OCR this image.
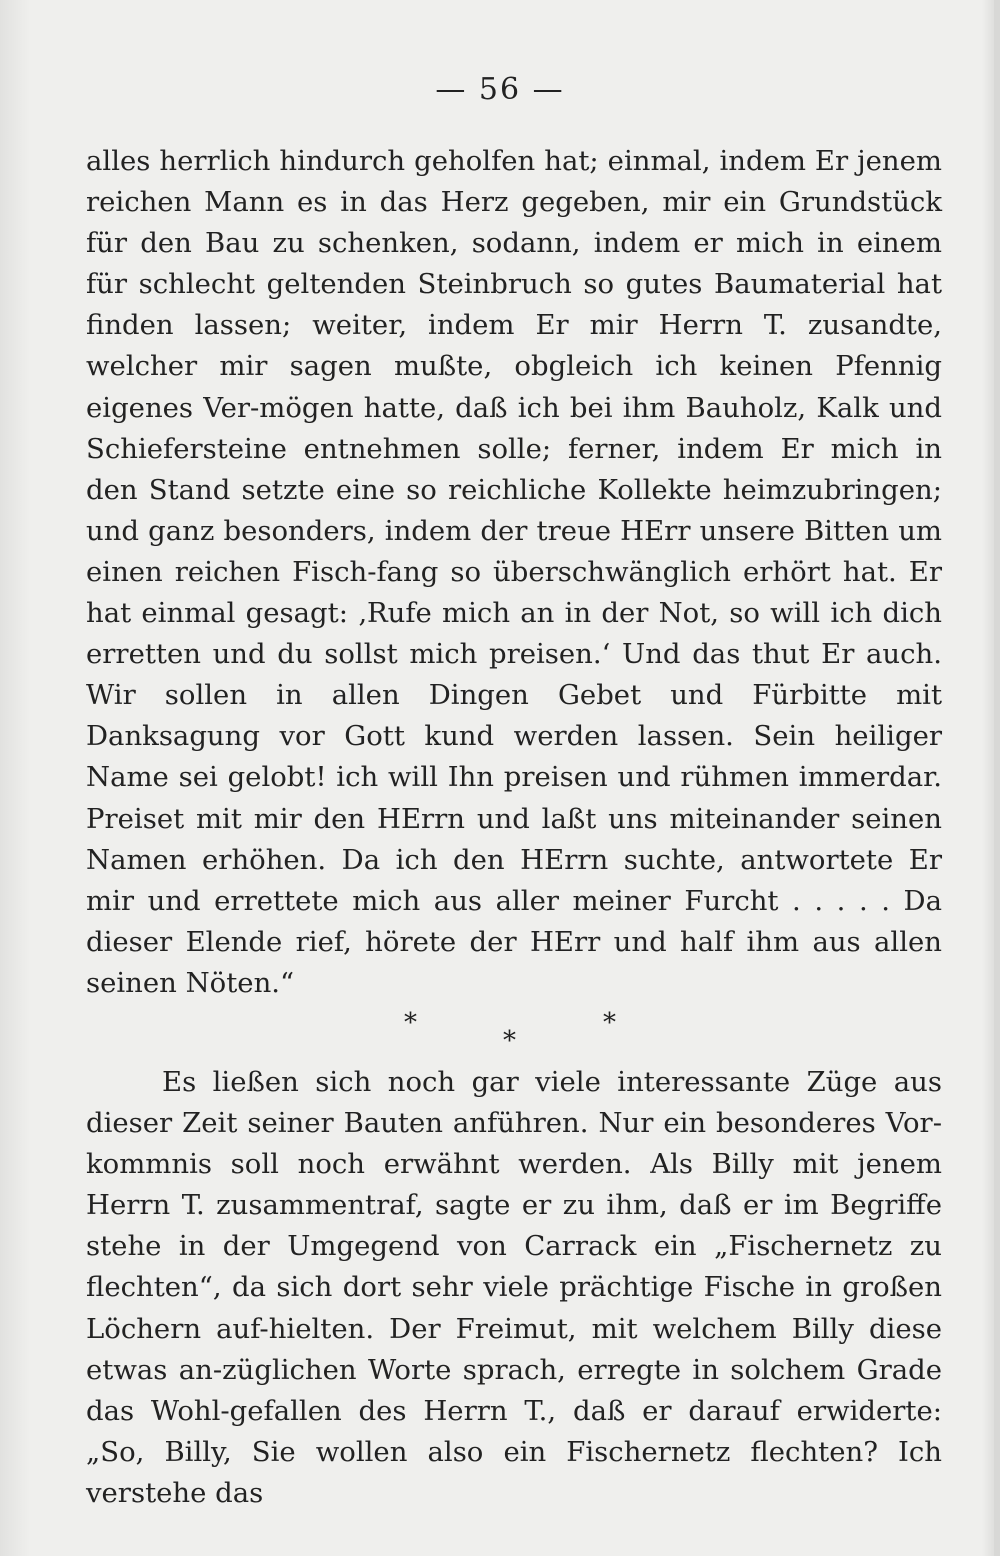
— 56 —

alles herrlich hindurch geholfen hat; einmal, indem Er jenem reichen Mann es in das Herz gegeben, mir ein Grundstück für den Bau zu schenken, sodann, indem er mich in einem für schlecht geltenden Steinbruch so gutes Baumaterial hat finden lassen; weiter, indem Er mir Herrn T. zusandte, welcher mir sagen mußte, obgleich ich keinen Pfennig eigenes Ver-mögen hatte, daß ich bei ihm Bauholz, Kalk und Schiefersteine entnehmen solle; ferner, indem Er mich in den Stand setzte eine so reichliche Kollekte heimzubringen; und ganz besonders, indem der treue HErr unsere Bitten um einen reichen Fisch-fang so überschwänglich erhört hat. Er hat einmal gesagt: ‚Rufe mich an in der Not, so will ich dich erretten und du sollst mich preisen.‘ Und das thut Er auch. Wir sollen in allen Dingen Gebet und Fürbitte mit Danksagung vor Gott kund werden lassen. Sein heiliger Name sei gelobt! ich will Ihn preisen und rühmen immerdar. Preiset mit mir den HErrn und laßt uns miteinander seinen Namen erhöhen. Da ich den HErrn suchte, antwortete Er mir und errettete mich aus aller meiner Furcht . . . . . Da dieser Elende rief, hörete der HErr und half ihm aus allen seinen Nöten.“

*
*
*

Es ließen sich noch gar viele interessante Züge aus dieser Zeit seiner Bauten anführen. Nur ein besonderes Vor-kommnis soll noch erwähnt werden. Als Billy mit jenem Herrn T. zusammentraf, sagte er zu ihm, daß er im Begriffe stehe in der Umgegend von Carrack ein „Fischernetz zu flechten“, da sich dort sehr viele prächtige Fische in großen Löchern auf-hielten. Der Freimut, mit welchem Billy diese etwas an-züglichen Worte sprach, erregte in solchem Grade das Wohl-gefallen des Herrn T., daß er darauf erwiderte: „So, Billy, Sie wollen also ein Fischernetz flechten? Ich verstehe das
